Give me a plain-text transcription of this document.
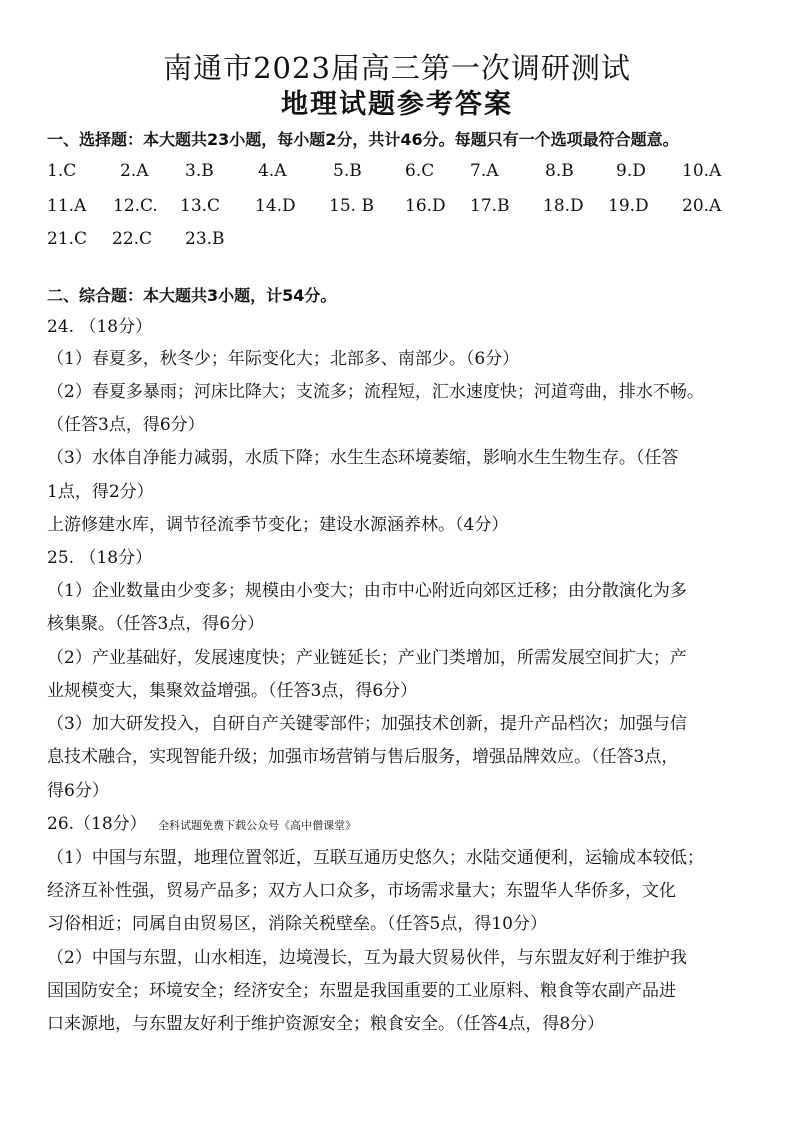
南通市2023届高三第一次调研测试
地理试题参考答案
一、选择题：本大题共23小题，每小题2分，共计46分。每题只有一个选项最符合题意。
1.C	2.A 3.B	4.A	5.B	6.C 7.A	8.B 9.D 10.A
11.A 12.C. 13.C 14.D 15. B 16.D 17.B 18.D 19.D 20.A
21.C 22.C 23.B
二、综合题：本大题共3小题，计54分。
24. （18分）
（1）春夏多，秋冬少；年际变化大；北部多、南部少。（6分）
（2）春夏多暴雨；河床比降大；支流多；流程短，汇水速度快；河道弯曲，排水不畅。
（任答3点，得6分）
（3）水体自净能力减弱，水质下降；水生生态环境萎缩，影响水生生物生存。（任答
1点，得2分）
上游修建水库，调节径流季节变化；建设水源涵养林。（4分）
25. （18分）
（1）企业数量由少变多；规模由小变大；由市中心附近向郊区迁移；由分散演化为多
核集聚。（任答3点，得6分）
（2）产业基础好，发展速度快；产业链延长；产业门类增加，所需发展空间扩大；产
业规模变大，集聚效益增强。（任答3点，得6分）
（3）加大研发投入，自研自产关键零部件；加强技术创新，提升产品档次；加强与信
息技术融合，实现智能升级；加强市场营销与售后服务，增强品牌效应。（任答3点，
得6分）
26.（18分） 全科试题免费下载公众号《高中僧课堂》
（1）中国与东盟，地理位置邻近，互联互通历史悠久；水陆交通便利，运输成本较低；
经济互补性强，贸易产品多；双方人口众多，市场需求量大；东盟华人华侨多，文化
习俗相近；同属自由贸易区，消除关税壁垒。（任答5点，得10分）
（2）中国与东盟，山水相连，边境漫长，互为最大贸易伙伴，与东盟友好利于维护我
国国防安全；环境安全；经济安全；东盟是我国重要的工业原料、粮食等农副产品进
口来源地，与东盟友好利于维护资源安全；粮食安全。（任答4点，得8分）
